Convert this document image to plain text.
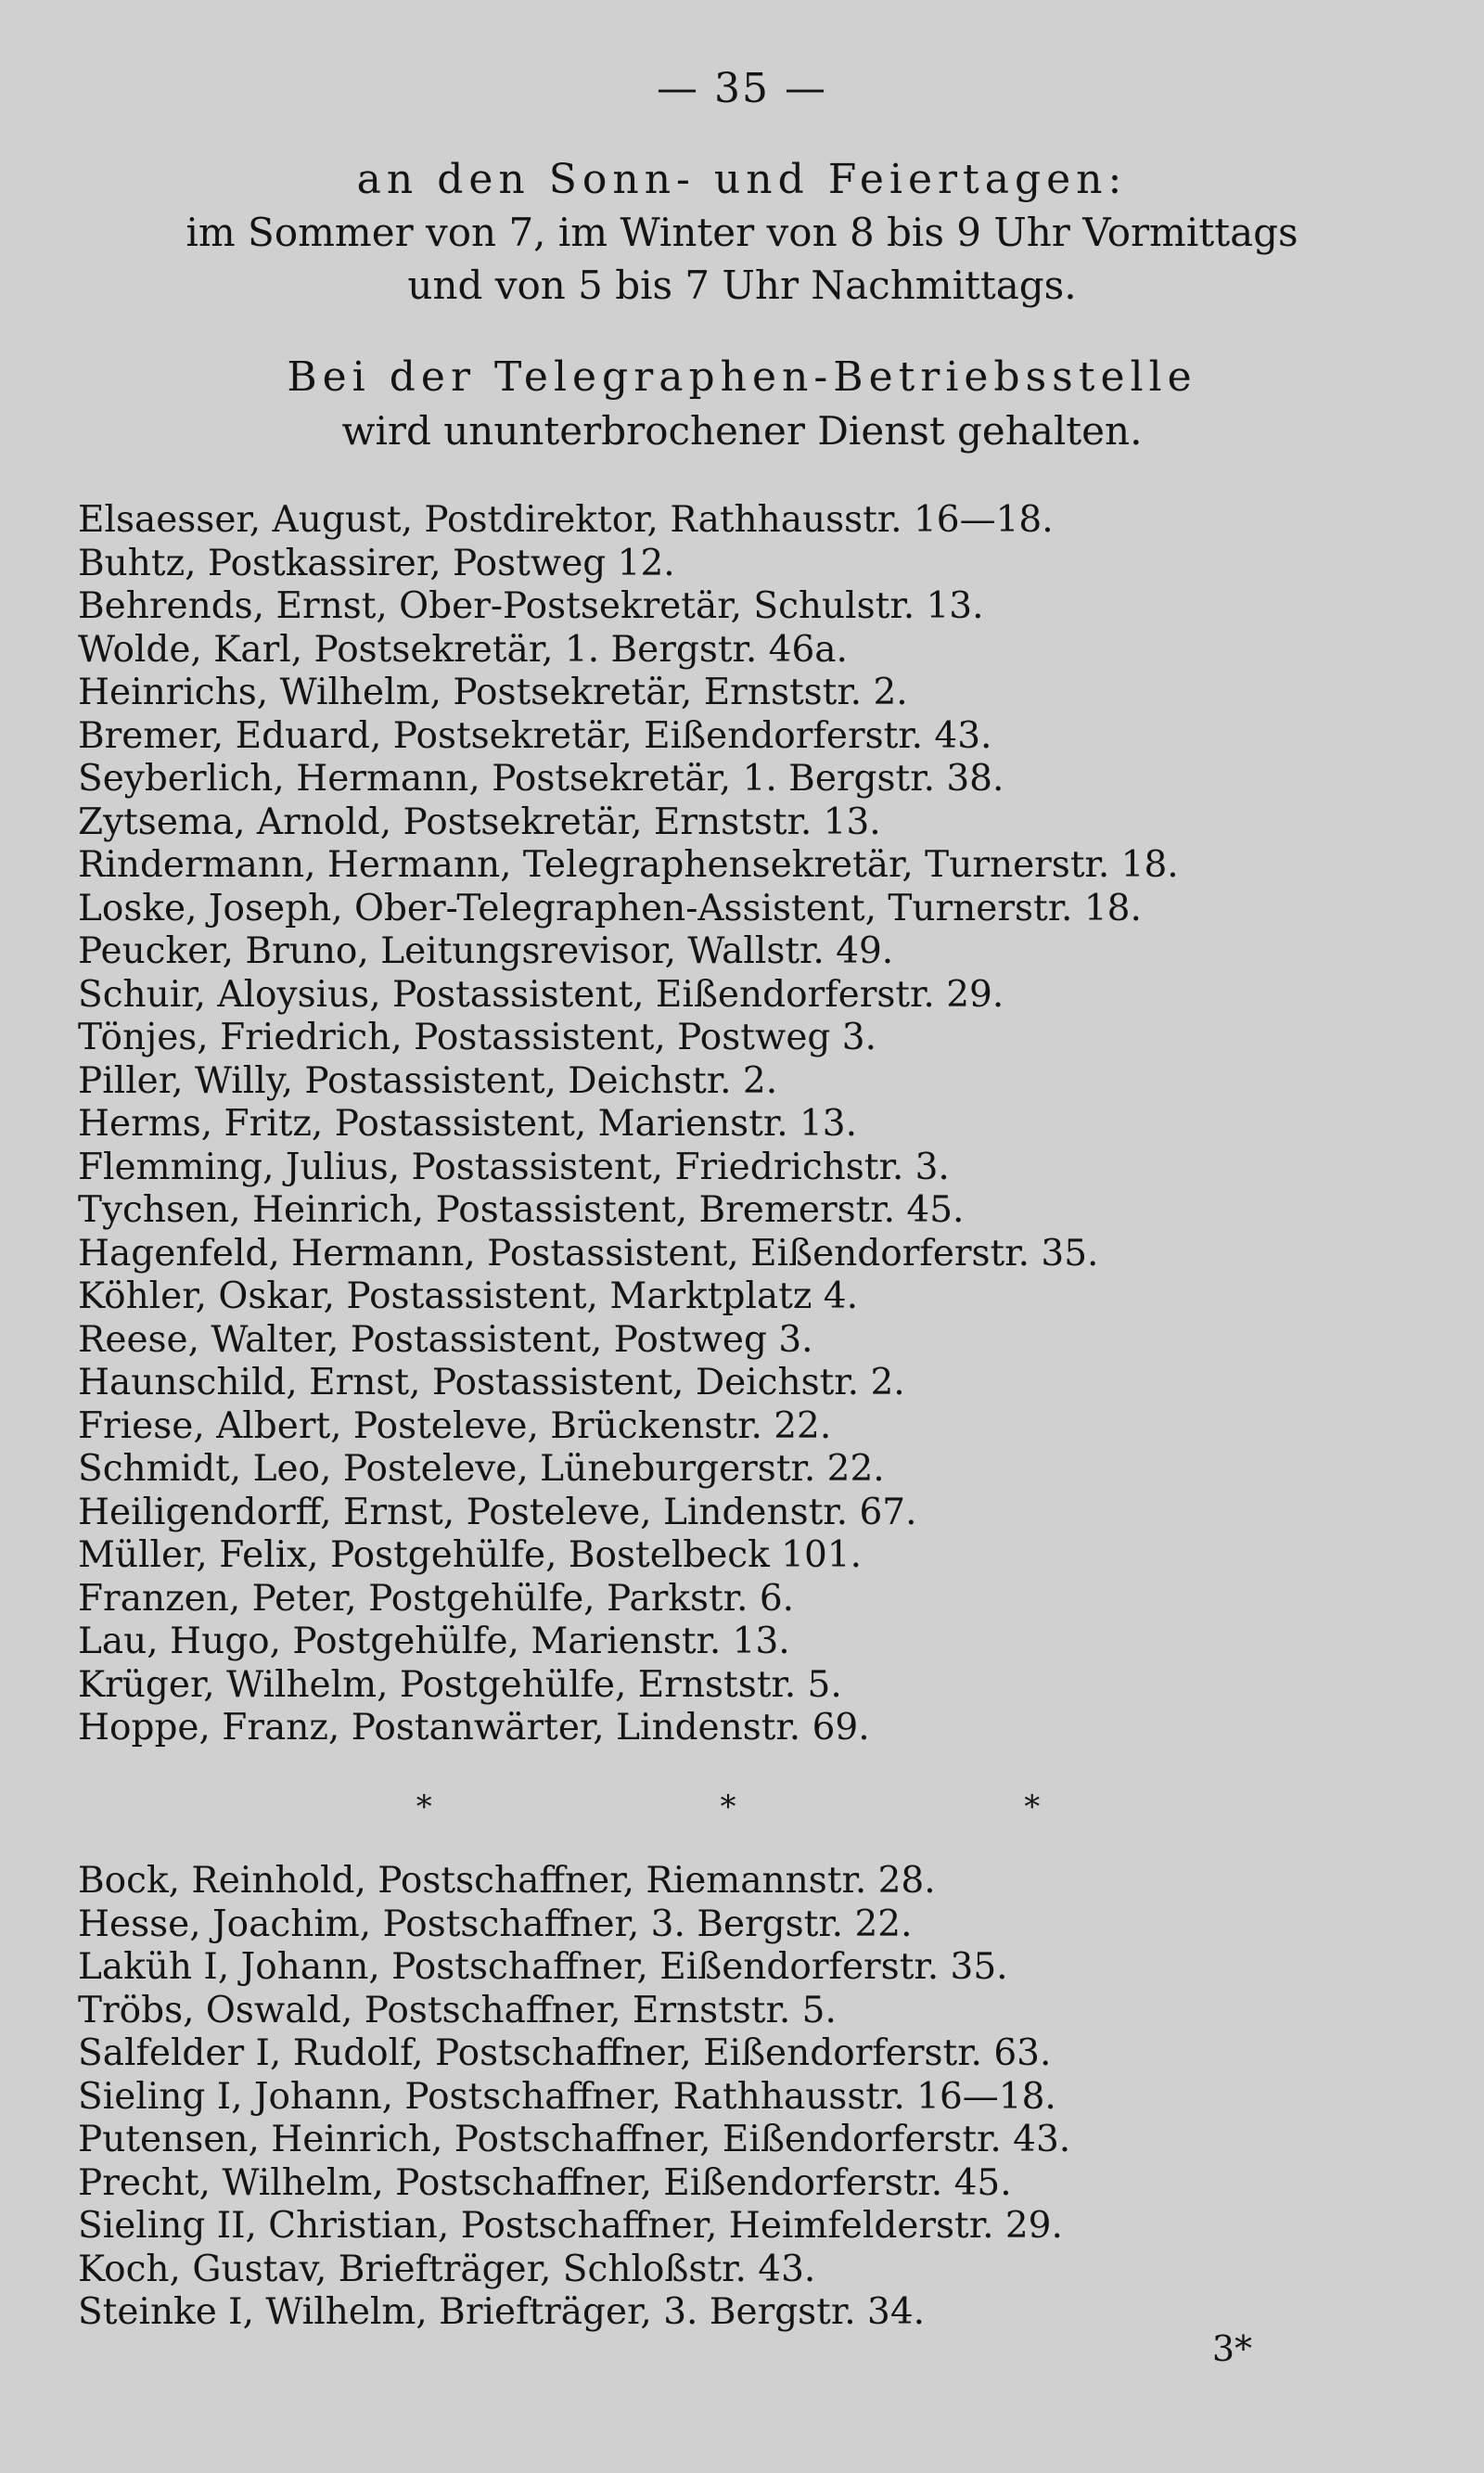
— 35 —
an den Sonn- und Feiertagen:
im Sommer von 7, im Winter von 8 bis 9 Uhr Vormittags
und von 5 bis 7 Uhr Nachmittags.
Bei der Telegraphen-Betriebsstelle
wird ununterbrochener Dienst gehalten.
Elsaesser, August, Postdirektor, Rathhausstr. 16—18.
Buhtz, Postkassirer, Postweg 12.
Behrends, Ernst, Ober-Postsekretär, Schulstr. 13.
Wolde, Karl, Postsekretär, 1. Bergstr. 46a.
Heinrichs, Wilhelm, Postsekretär, Ernststr. 2.
Bremer, Eduard, Postsekretär, Eißendorferstr. 43.
Seyberlich, Hermann, Postsekretär, 1. Bergstr. 38.
Zytsema, Arnold, Postsekretär, Ernststr. 13.
Rindermann, Hermann, Telegraphensekretär, Turnerstr. 18.
Loske, Joseph, Ober-Telegraphen-Assistent, Turnerstr. 18.
Peucker, Bruno, Leitungsrevisor, Wallstr. 49.
Schuir, Aloysius, Postassistent, Eißendorferstr. 29.
Tönjes, Friedrich, Postassistent, Postweg 3.
Piller, Willy, Postassistent, Deichstr. 2.
Herms, Fritz, Postassistent, Marienstr. 13.
Flemming, Julius, Postassistent, Friedrichstr. 3.
Tychsen, Heinrich, Postassistent, Bremerstr. 45.
Hagenfeld, Hermann, Postassistent, Eißendorferstr. 35.
Köhler, Oskar, Postassistent, Marktplatz 4.
Reese, Walter, Postassistent, Postweg 3.
Haunschild, Ernst, Postassistent, Deichstr. 2.
Friese, Albert, Posteleve, Brückenstr. 22.
Schmidt, Leo, Posteleve, Lüneburgerstr. 22.
Heiligendorff, Ernst, Posteleve, Lindenstr. 67.
Müller, Felix, Postgehülfe, Bostelbeck 101.
Franzen, Peter, Postgehülfe, Parkstr. 6.
Lau, Hugo, Postgehülfe, Marienstr. 13.
Krüger, Wilhelm, Postgehülfe, Ernststr. 5.
Hoppe, Franz, Postanwärter, Lindenstr. 69.
* * *
Bock, Reinhold, Postschaffner, Riemannstr. 28.
Hesse, Joachim, Postschaffner, 3. Bergstr. 22.
Laküh I, Johann, Postschaffner, Eißendorferstr. 35.
Tröbs, Oswald, Postschaffner, Ernststr. 5.
Salfelder I, Rudolf, Postschaffner, Eißendorferstr. 63.
Sieling I, Johann, Postschaffner, Rathhausstr. 16—18.
Putensen, Heinrich, Postschaffner, Eißendorferstr. 43.
Precht, Wilhelm, Postschaffner, Eißendorferstr. 45.
Sieling II, Christian, Postschaffner, Heimfelderstr. 29.
Koch, Gustav, Briefträger, Schloßstr. 43.
Steinke I, Wilhelm, Briefträger, 3. Bergstr. 34.
3*
